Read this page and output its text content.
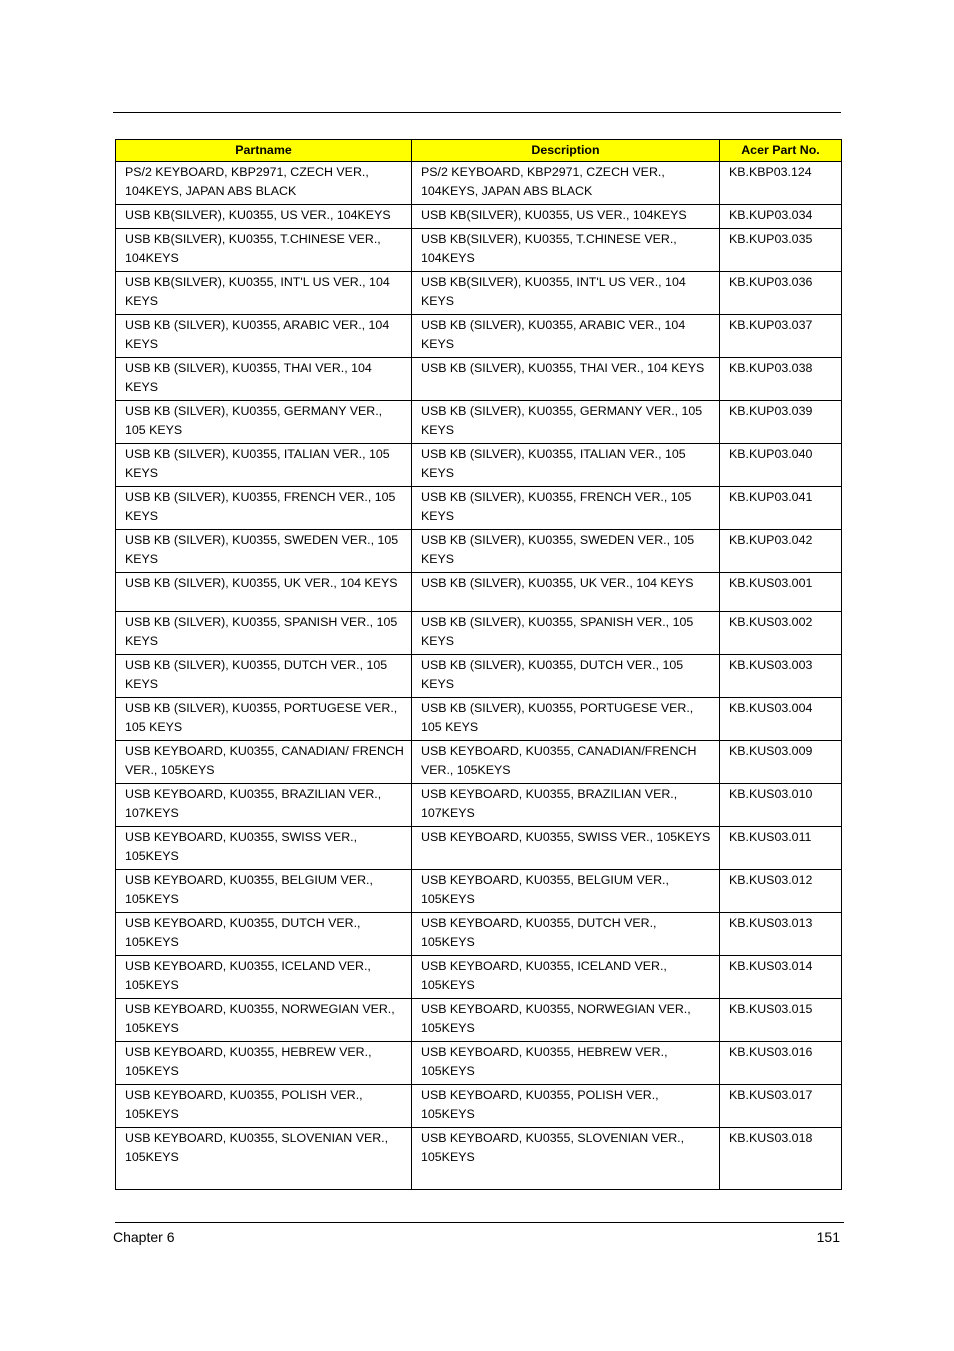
Partname	Description	Acer Part No.
PS/2 KEYBOARD, KBP2971, CZECH VER., 104KEYS, JAPAN ABS BLACK	PS/2 KEYBOARD, KBP2971, CZECH VER., 104KEYS, JAPAN ABS BLACK	KB.KBP03.124
USB KB(SILVER), KU0355, US VER., 104KEYS	USB KB(SILVER), KU0355, US VER., 104KEYS	KB.KUP03.034
USB KB(SILVER), KU0355, T.CHINESE VER., 104KEYS	USB KB(SILVER), KU0355, T.CHINESE VER., 104KEYS	KB.KUP03.035
USB KB(SILVER), KU0355, INT'L US VER., 104 KEYS	USB KB(SILVER), KU0355, INT'L US VER., 104 KEYS	KB.KUP03.036
USB KB (SILVER), KU0355, ARABIC VER., 104 KEYS	USB KB (SILVER), KU0355, ARABIC VER., 104 KEYS	KB.KUP03.037
USB KB (SILVER), KU0355, THAI VER., 104 KEYS	USB KB (SILVER), KU0355, THAI VER., 104 KEYS	KB.KUP03.038
USB KB (SILVER), KU0355, GERMANY VER., 105 KEYS	USB KB (SILVER), KU0355, GERMANY VER., 105 KEYS	KB.KUP03.039
USB KB (SILVER), KU0355, ITALIAN VER., 105 KEYS	USB KB (SILVER), KU0355, ITALIAN VER., 105 KEYS	KB.KUP03.040
USB KB (SILVER), KU0355, FRENCH VER., 105 KEYS	USB KB (SILVER), KU0355, FRENCH VER., 105 KEYS	KB.KUP03.041
USB KB (SILVER), KU0355, SWEDEN VER., 105 KEYS	USB KB (SILVER), KU0355, SWEDEN VER., 105 KEYS	KB.KUP03.042
USB KB (SILVER), KU0355, UK VER., 104 KEYS	USB KB (SILVER), KU0355, UK VER., 104 KEYS	KB.KUS03.001
USB KB (SILVER), KU0355, SPANISH VER., 105 KEYS	USB KB (SILVER), KU0355, SPANISH VER., 105 KEYS	KB.KUS03.002
USB KB (SILVER), KU0355, DUTCH VER., 105 KEYS	USB KB (SILVER), KU0355, DUTCH VER., 105 KEYS	KB.KUS03.003
USB KB (SILVER), KU0355, PORTUGESE VER., 105 KEYS	USB KB (SILVER), KU0355, PORTUGESE VER., 105 KEYS	KB.KUS03.004
USB KEYBOARD, KU0355, CANADIAN/ FRENCH VER., 105KEYS	USB KEYBOARD, KU0355, CANADIAN/FRENCH VER., 105KEYS	KB.KUS03.009
USB KEYBOARD, KU0355, BRAZILIAN VER., 107KEYS	USB KEYBOARD, KU0355, BRAZILIAN VER., 107KEYS	KB.KUS03.010
USB KEYBOARD, KU0355, SWISS VER., 105KEYS	USB KEYBOARD, KU0355, SWISS VER., 105KEYS	KB.KUS03.011
USB KEYBOARD, KU0355, BELGIUM VER., 105KEYS	USB KEYBOARD, KU0355, BELGIUM VER., 105KEYS	KB.KUS03.012
USB KEYBOARD, KU0355, DUTCH VER., 105KEYS	USB KEYBOARD, KU0355, DUTCH VER., 105KEYS	KB.KUS03.013
USB KEYBOARD, KU0355, ICELAND VER., 105KEYS	USB KEYBOARD, KU0355, ICELAND VER., 105KEYS	KB.KUS03.014
USB KEYBOARD, KU0355, NORWEGIAN VER., 105KEYS	USB KEYBOARD, KU0355, NORWEGIAN VER., 105KEYS	KB.KUS03.015
USB KEYBOARD, KU0355, HEBREW VER., 105KEYS	USB KEYBOARD, KU0355, HEBREW VER., 105KEYS	KB.KUS03.016
USB KEYBOARD, KU0355, POLISH VER., 105KEYS	USB KEYBOARD, KU0355, POLISH VER., 105KEYS	KB.KUS03.017
USB KEYBOARD, KU0355, SLOVENIAN VER., 105KEYS	USB KEYBOARD, KU0355, SLOVENIAN VER., 105KEYS	KB.KUS03.018
Chapter 6	151
